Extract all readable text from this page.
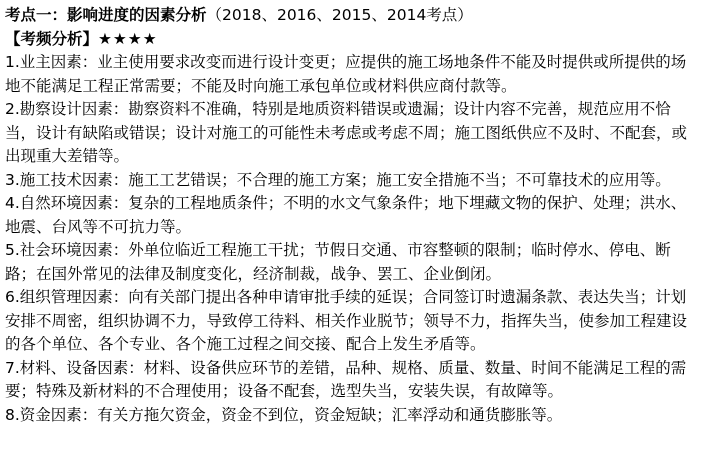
考点一：影响进度的因素分析（2018、2016、2015、2014考点）
【考频分析】★★★★

1.业主因素：业主使用要求改变而进行设计变更；应提供的施工场地条件不能及时提供或所提供的场地不能满足工程正常需要；不能及时向施工承包单位或材料供应商付款等。

2.勘察设计因素：勘察资料不准确，特别是地质资料错误或遗漏；设计内容不完善，规范应用不恰当，设计有缺陷或错误；设计对施工的可能性未考虑或考虑不周；施工图纸供应不及时、不配套，或出现重大差错等。

3.施工技术因素：施工工艺错误；不合理的施工方案；施工安全措施不当；不可靠技术的应用等。

4.自然环境因素：复杂的工程地质条件；不明的水文气象条件；地下埋藏文物的保护、处理；洪水、地震、台风等不可抗力等。

5.社会环境因素：外单位临近工程施工干扰；节假日交通、市容整顿的限制；临时停水、停电、断路；在国外常见的法律及制度变化，经济制裁，战争、罢工、企业倒闭。

6.组织管理因素：向有关部门提出各种申请审批手续的延误；合同签订时遗漏条款、表达失当；计划安排不周密，组织协调不力，导致停工待料、相关作业脱节；领导不力，指挥失当，使参加工程建设的各个单位、各个专业、各个施工过程之间交接、配合上发生矛盾等。

7.材料、设备因素：材料、设备供应环节的差错，品种、规格、质量、数量、时间不能满足工程的需要；特殊及新材料的不合理使用；设备不配套，选型失当，安装失误，有故障等。

8.资金因素：有关方拖欠资金，资金不到位，资金短缺；汇率浮动和通货膨胀等。
